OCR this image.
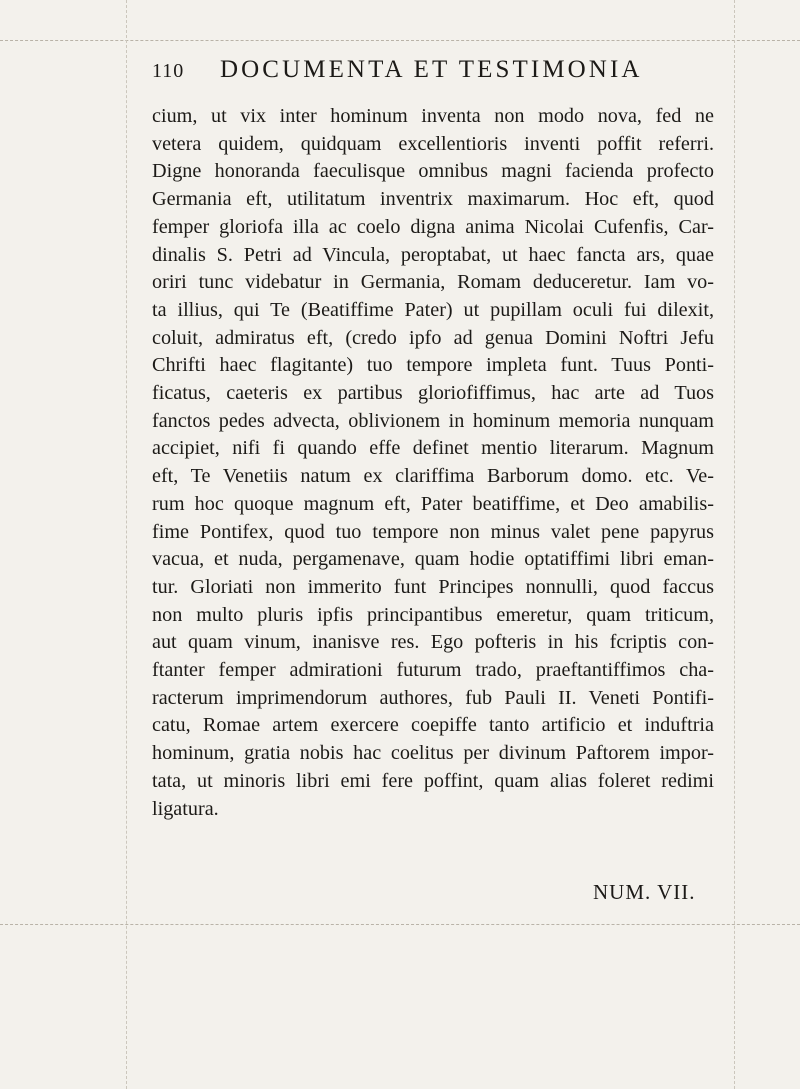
110	DOCUMENTA ET TESTIMONIA

cium, ut vix inter hominum inventa non modo nova, fed ne
vetera quidem, quidquam excellentioris inventi poffit referri.
Digne honoranda faeculisque omnibus magni facienda profecto
Germania eft, utilitatum inventrix maximarum. Hoc eft, quod
femper gloriofa illa ac coelo digna anima Nicolai Cufenfis, Car-
dinalis S. Petri ad Vincula, peroptabat, ut haec fancta ars, quae
oriri tunc videbatur in Germania, Romam deduceretur. Iam vo-
ta illius, qui Te (Beatiffime Pater) ut pupillam oculi fui dilexit,
coluit, admiratus eft, (credo ipfo ad genua Domini Noftri Jefu
Chrifti haec flagitante) tuo tempore impleta funt. Tuus Ponti-
ficatus, caeteris ex partibus gloriofiffimus, hac arte ad Tuos
fanctos pedes advecta, oblivionem in hominum memoria nunquam
accipiet, nifi fi quando effe definet mentio literarum. Magnum
eft, Te Venetiis natum ex clariffima Barborum domo. etc. Ve-
rum hoc quoque magnum eft, Pater beatiffime, et Deo amabilis-
fime Pontifex, quod tuo tempore non minus valet pene papyrus
vacua, et nuda, pergamenave, quam hodie optatiffimi libri eman-
tur. Gloriati non immerito funt Principes nonnulli, quod faccus
non multo pluris ipfis principantibus emeretur, quam triticum,
aut quam vinum, inanisve res. Ego pofteris in his fcriptis con-
ftanter femper admirationi futurum trado, praeftantiffimos cha-
racterum imprimendorum authores, fub Pauli II. Veneti Pontifi-
catu, Romae artem exercere coepiffe tanto artificio et induftria
hominum, gratia nobis hac coelitus per divinum Paftorem impor-
tata, ut minoris libri emi fere poffint, quam alias foleret redimi
ligatura.

NUM. VII.
